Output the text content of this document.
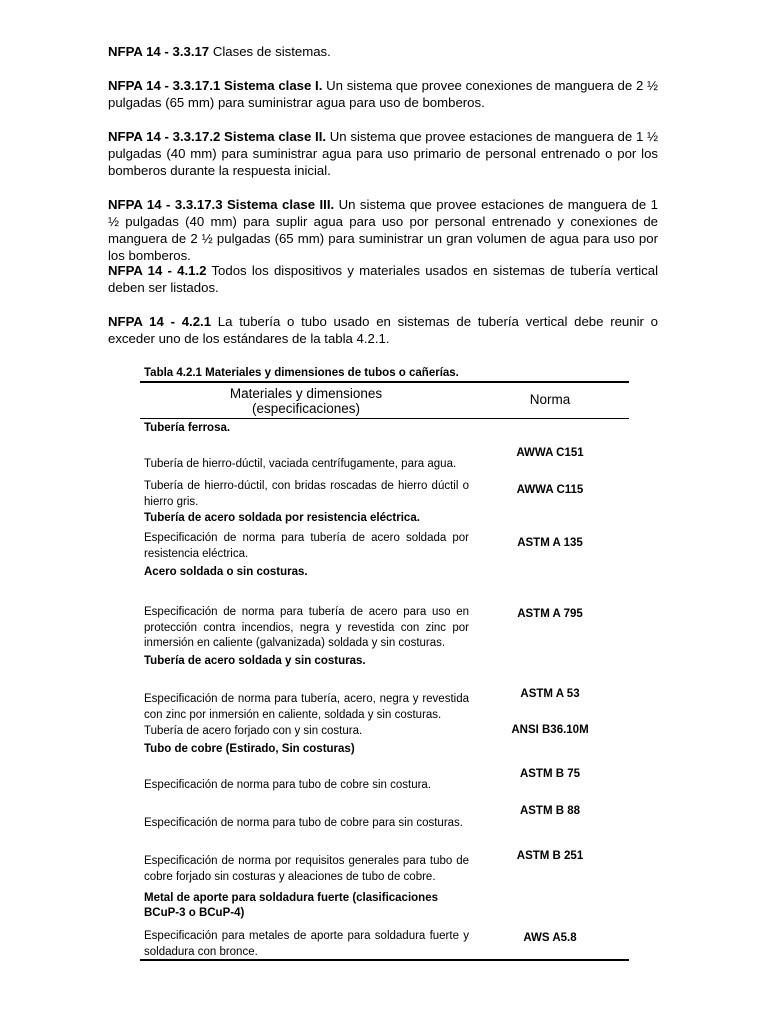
NFPA 14 - 3.3.17 Clases de sistemas.
NFPA 14 - 3.3.17.1 Sistema clase I. Un sistema que provee conexiones de manguera de 2 ½ pulgadas (65 mm) para suministrar agua para uso de bomberos.
NFPA 14 - 3.3.17.2 Sistema clase II. Un sistema que provee estaciones de manguera de 1 ½ pulgadas (40 mm) para suministrar agua para uso primario de personal entrenado o por los bomberos durante la respuesta inicial.
NFPA 14 - 3.3.17.3 Sistema clase III. Un sistema que provee estaciones de manguera de 1 ½ pulgadas (40 mm) para suplir agua para uso por personal entrenado y conexiones de manguera de 2 ½ pulgadas (65 mm) para suministrar un gran volumen de agua para uso por los bomberos.
NFPA 14 - 4.1.2 Todos los dispositivos y materiales usados en sistemas de tubería vertical deben ser listados.
NFPA 14 - 4.2.1 La tubería o tubo usado en sistemas de tubería vertical debe reunir o exceder uno de los estándares de la tabla 4.2.1.
Tabla 4.2.1 Materiales y dimensiones de tubos o cañerías.
Materiales y dimensiones
(especificaciones)
Norma
Tubería ferrosa.
Tubería de acero soldada por resistencia eléctrica.
Acero soldada o sin costuras.
Tubería de acero soldada y sin costuras.
Tubo de cobre (Estirado, Sin costuras)
Metal de aporte para soldadura fuerte (clasificaciones BCuP-3 o BCuP-4)
Tubería de hierro-dúctil, vaciada centrífugamente, para agua.
Tubería de hierro-dúctil, con bridas roscadas de hierro dúctil o hierro gris.
Especificación de norma para tubería de acero soldada por resistencia eléctrica.
Especificación de norma para tubería de acero para uso en protección contra incendios, negra y revestida con zinc por inmersión en caliente (galvanizada) soldada y sin costuras.
Especificación de norma para tubería, acero, negra y revestida con zinc por inmersión en caliente, soldada y sin costuras.
Tubería de acero forjado con y sin costura.
Especificación de norma para tubo de cobre sin costura.
Especificación de norma para tubo de cobre para sin costuras.
Especificación de norma por requisitos generales para tubo de cobre forjado sin costuras y aleaciones de tubo de cobre.
Especificación para metales de aporte para soldadura fuerte y soldadura con bronce.
AWWA C151
AWWA C115
ASTM A 135
ASTM A 795
ASTM A 53
ANSI B36.10M
ASTM B 75
ASTM B 88
ASTM B 251
AWS A5.8
